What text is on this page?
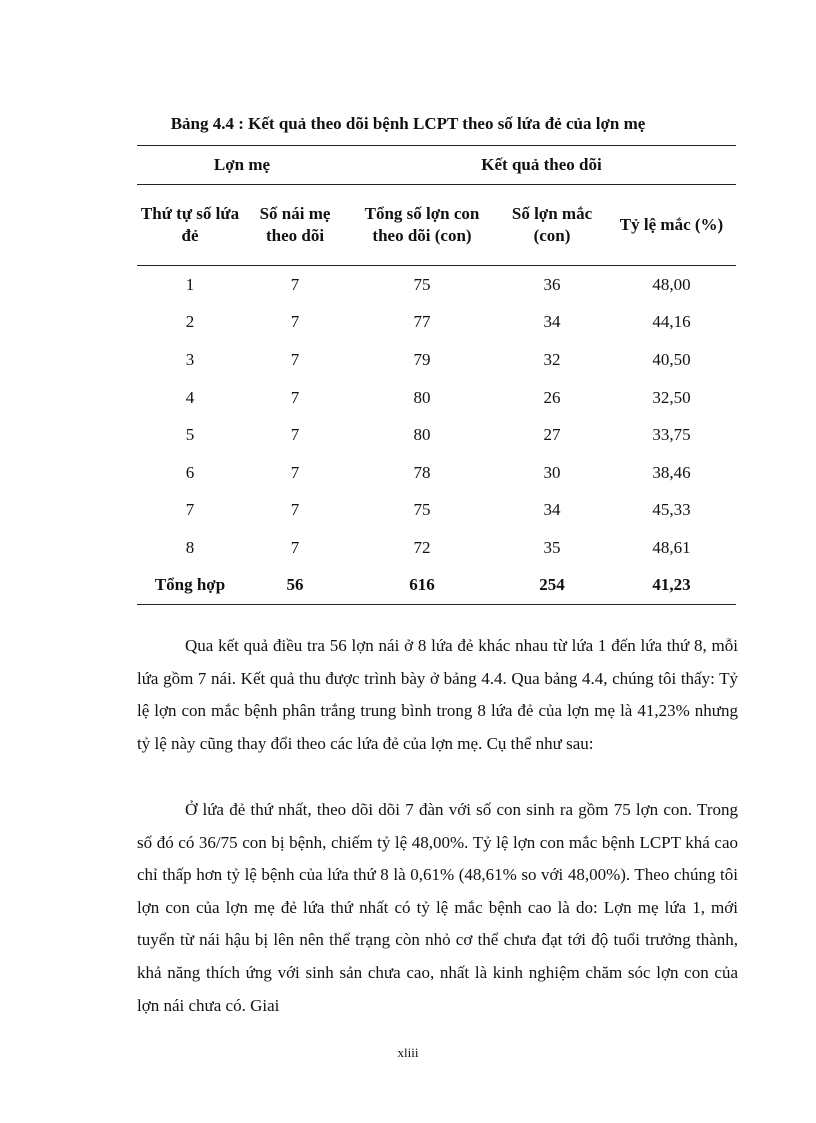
Bảng 4.4 : Kết quả theo dõi bệnh LCPT theo số lứa đẻ của lợn mẹ
Lợn mẹ		Kết quả theo dõi		
Thứ tự số lứa đẻ	Số nái mẹ theo dõi	Tổng số lợn con theo dõi (con)	Số lợn mắc (con)	Tỷ lệ mắc (%)
1	7	75	36	48,00
2	7	77	34	44,16
3	7	79	32	40,50
4	7	80	26	32,50
5	7	80	27	33,75
6	7	78	30	38,46
7	7	75	34	45,33
8	7	72	35	48,61
Tổng hợp	56	616	254	41,23

Qua kết quả điều tra 56 lợn nái ở 8 lứa đẻ khác nhau từ lứa 1 đến lứa thứ 8, mỗi lứa gồm 7 nái. Kết quả thu được trình bày ở bảng 4.4. Qua bảng 4.4, chúng tôi thấy: Tỷ lệ lợn con mắc bệnh phân trắng trung bình trong 8 lứa đẻ của lợn mẹ là 41,23% nhưng tỷ lệ này cũng thay đổi theo các lứa đẻ của lợn mẹ. Cụ thể như sau:

Ở lứa đẻ thứ nhất, theo dõi dõi 7 đàn với số con sinh ra gồm 75 lợn con. Trong số đó có 36/75 con bị bệnh, chiếm tỷ lệ 48,00%. Tỷ lệ lợn con mắc bệnh LCPT khá cao chỉ thấp hơn tỷ lệ bệnh của lứa thứ 8 là 0,61% (48,61% so với 48,00%). Theo chúng tôi lợn con của lợn mẹ đẻ lứa thứ nhất có tỷ lệ mắc bệnh cao là do: Lợn mẹ lứa 1, mới tuyển từ nái hậu bị lên nên thể trạng còn nhỏ cơ thể chưa đạt tới độ tuổi trưởng thành, khả năng thích ứng với sinh sản chưa cao, nhất là kinh nghiệm chăm sóc lợn con của lợn nái chưa có. Giai

xliii
